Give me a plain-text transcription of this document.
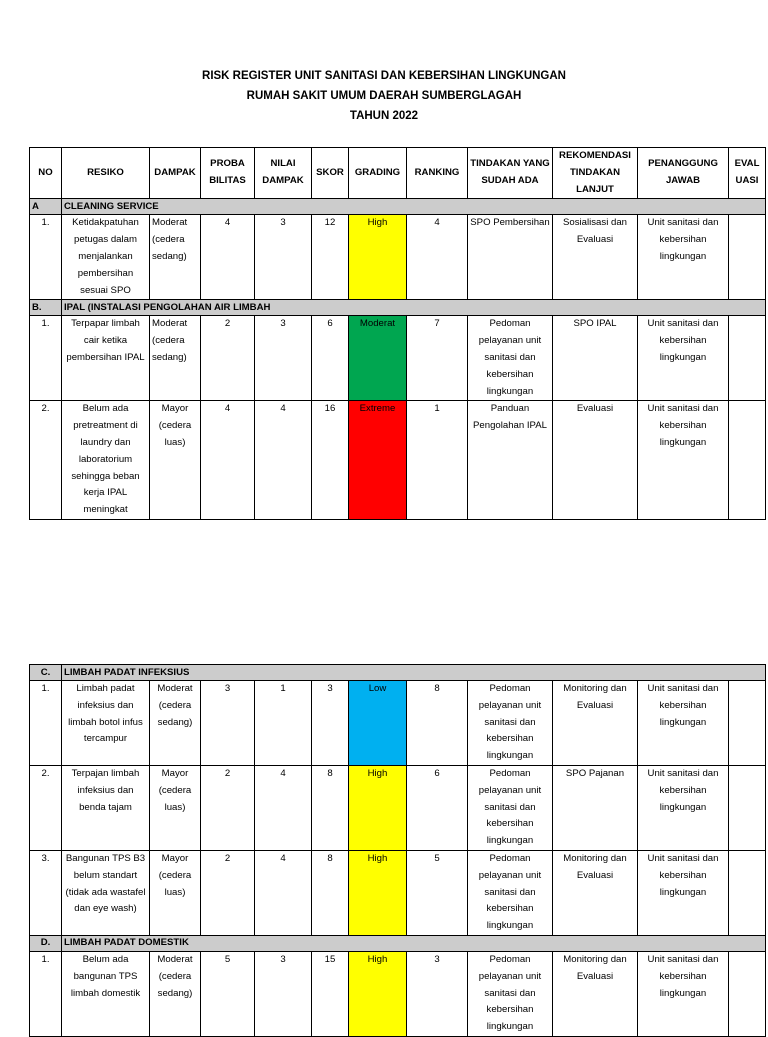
RISK REGISTER UNIT SANITASI DAN KEBERSIHAN LINGKUNGAN
RUMAH SAKIT UMUM DAERAH SUMBERGLAGAH
TAHUN 2022
NO	RESIKO	DAMPAK	PROBA BILITAS	NILAI DAMPAK	SKOR	GRADING	RANKING	TINDAKAN YANG SUDAH ADA	REKOMENDASI TINDAKAN LANJUT	PENANGGUNG JAWAB	EVAL UASI
A	CLEANING SERVICE										
1.	Ketidakpatuhan petugas dalam menjalankan pembersihan sesuai SPO	Moderat (cedera sedang)	4	3	12	High	4	SPO Pembersihan	Sosialisasi dan Evaluasi	Unit sanitasi dan kebersihan lingkungan	
B.	IPAL (INSTALASI PENGOLAHAN AIR LIMBAH										
1.	Terpapar limbah cair ketika pembersihan IPAL	Moderat (cedera sedang)	2	3	6	Moderat	7	Pedoman pelayanan unit sanitasi dan kebersihan lingkungan	SPO IPAL	Unit sanitasi dan kebersihan lingkungan	
2.	Belum ada pretreatment di laundry dan laboratorium sehingga beban kerja IPAL meningkat	Mayor (cedera luas)	4	4	16	Extreme	1	Panduan Pengolahan IPAL	Evaluasi	Unit sanitasi dan kebersihan lingkungan	
C.	LIMBAH PADAT INFEKSIUS										
1.	Limbah padat infeksius dan limbah botol infus tercampur	Moderat (cedera sedang)	3	1	3	Low	8	Pedoman pelayanan unit sanitasi dan kebersihan lingkungan	Monitoring dan Evaluasi	Unit sanitasi dan kebersihan lingkungan	
2.	Terpajan limbah infeksius dan benda tajam	Mayor (cedera luas)	2	4	8	High	6	Pedoman pelayanan unit sanitasi dan kebersihan lingkungan	SPO Pajanan	Unit sanitasi dan kebersihan lingkungan	
3.	Bangunan TPS B3 belum standart (tidak ada wastafel dan eye wash)	Mayor (cedera luas)	2	4	8	High	5	Pedoman pelayanan unit sanitasi dan kebersihan lingkungan	Monitoring dan Evaluasi	Unit sanitasi dan kebersihan lingkungan	
D.	LIMBAH PADAT DOMESTIK										
1.	Belum ada bangunan TPS limbah domestik	Moderat (cedera sedang)	5	3	15	High	3	Pedoman pelayanan unit sanitasi dan kebersihan lingkungan	Monitoring dan Evaluasi	Unit sanitasi dan kebersihan lingkungan	
